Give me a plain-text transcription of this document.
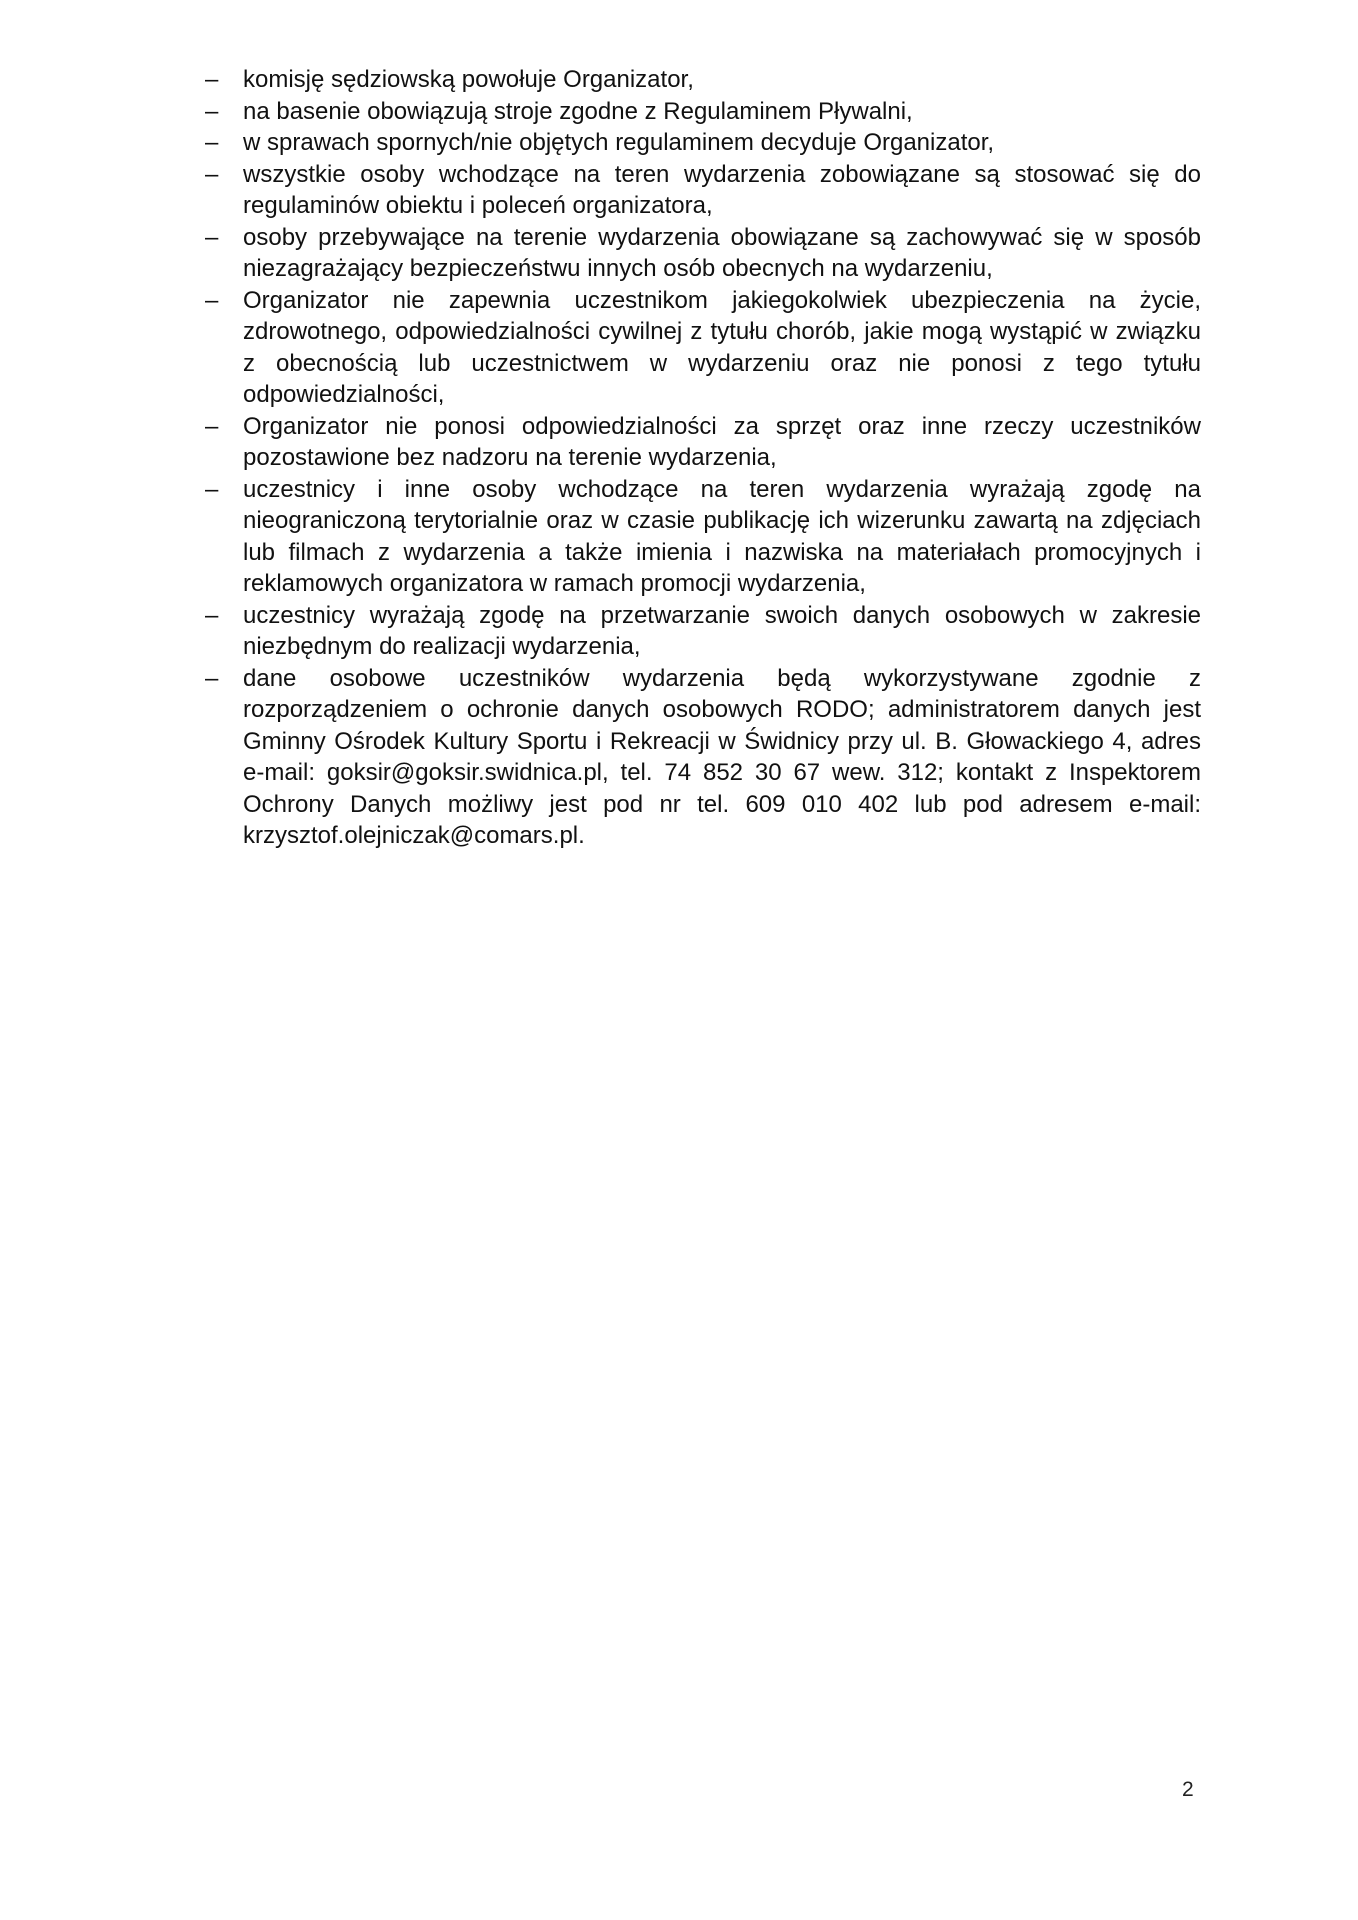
– komisję sędziowską powołuje Organizator,
– na basenie obowiązują stroje zgodne z Regulaminem Pływalni,
– w sprawach spornych/nie objętych regulaminem decyduje Organizator,
– wszystkie osoby wchodzące na teren wydarzenia zobowiązane są stosować się do regulaminów obiektu i poleceń organizatora,
– osoby przebywające na terenie wydarzenia obowiązane są zachowywać się w sposób niezagrażający bezpieczeństwu innych osób obecnych na wydarzeniu,
– Organizator nie zapewnia uczestnikom jakiegokolwiek ubezpieczenia na życie, zdrowotnego, odpowiedzialności cywilnej z tytułu chorób, jakie mogą wystąpić w związku z obecnością lub uczestnictwem w wydarzeniu oraz nie ponosi z tego tytułu odpowiedzialności,
– Organizator nie ponosi odpowiedzialności za sprzęt oraz inne rzeczy uczestników pozostawione bez nadzoru na terenie wydarzenia,
– uczestnicy i inne osoby wchodzące na teren wydarzenia wyrażają zgodę na nieograniczoną terytorialnie oraz w czasie publikację ich wizerunku zawartą na zdjęciach lub filmach z wydarzenia a także imienia i nazwiska na materiałach promocyjnych i reklamowych organizatora w ramach promocji wydarzenia,
– uczestnicy wyrażają zgodę na przetwarzanie swoich danych osobowych w zakresie niezbędnym do realizacji wydarzenia,
– dane osobowe uczestników wydarzenia będą wykorzystywane zgodnie z rozporządzeniem o ochronie danych osobowych RODO; administratorem danych jest Gminny Ośrodek Kultury Sportu i Rekreacji w Świdnicy przy ul. B. Głowackiego 4, adres e-mail: goksir@goksir.swidnica.pl, tel. 74 852 30 67 wew. 312; kontakt z Inspektorem Ochrony Danych możliwy jest pod nr tel. 609 010 402 lub pod adresem e-mail: krzysztof.olejniczak@comars.pl.
2
